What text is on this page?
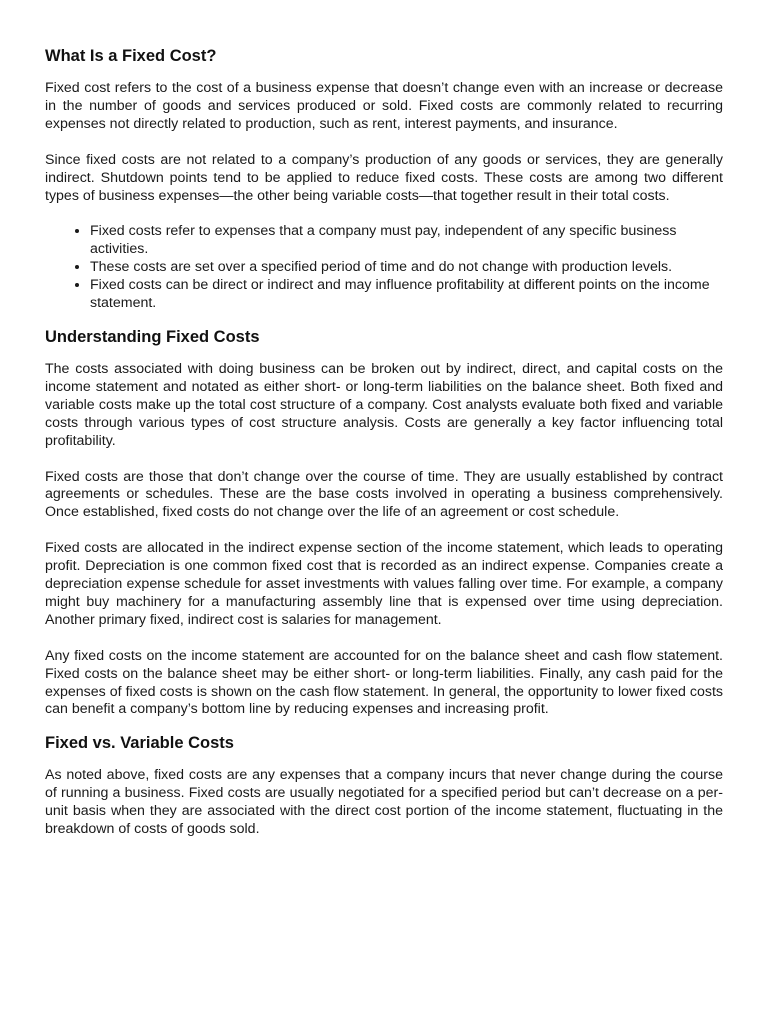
What Is a Fixed Cost?

Fixed cost refers to the cost of a business expense that doesn’t change even with an increase or decrease in the number of goods and services produced or sold. Fixed costs are commonly related to recurring expenses not directly related to production, such as rent, interest payments, and insurance.

Since fixed costs are not related to a company’s production of any goods or services, they are generally indirect. Shutdown points tend to be applied to reduce fixed costs. These costs are among two different types of business expenses—the other being variable costs—that together result in their total costs.

• Fixed costs refer to expenses that a company must pay, independent of any specific business activities.
• These costs are set over a specified period of time and do not change with production levels.
• Fixed costs can be direct or indirect and may influence profitability at different points on the income statement.
Understanding Fixed Costs

The costs associated with doing business can be broken out by indirect, direct, and capital costs on the income statement and notated as either short- or long-term liabilities on the balance sheet. Both fixed and variable costs make up the total cost structure of a company. Cost analysts evaluate both fixed and variable costs through various types of cost structure analysis. Costs are generally a key factor influencing total profitability.

Fixed costs are those that don’t change over the course of time. They are usually established by contract agreements or schedules. These are the base costs involved in operating a business comprehensively. Once established, fixed costs do not change over the life of an agreement or cost schedule.

Fixed costs are allocated in the indirect expense section of the income statement, which leads to operating profit. Depreciation is one common fixed cost that is recorded as an indirect expense. Companies create a depreciation expense schedule for asset investments with values falling over time. For example, a company might buy machinery for a manufacturing assembly line that is expensed over time using depreciation. Another primary fixed, indirect cost is salaries for management.

Any fixed costs on the income statement are accounted for on the balance sheet and cash flow statement. Fixed costs on the balance sheet may be either short- or long-term liabilities. Finally, any cash paid for the expenses of fixed costs is shown on the cash flow statement. In general, the opportunity to lower fixed costs can benefit a company’s bottom line by reducing expenses and increasing profit.

Fixed vs. Variable Costs

As noted above, fixed costs are any expenses that a company incurs that never change during the course of running a business. Fixed costs are usually negotiated for a specified period but can’t decrease on a per-unit basis when they are associated with the direct cost portion of the income statement, fluctuating in the breakdown of costs of goods sold.
